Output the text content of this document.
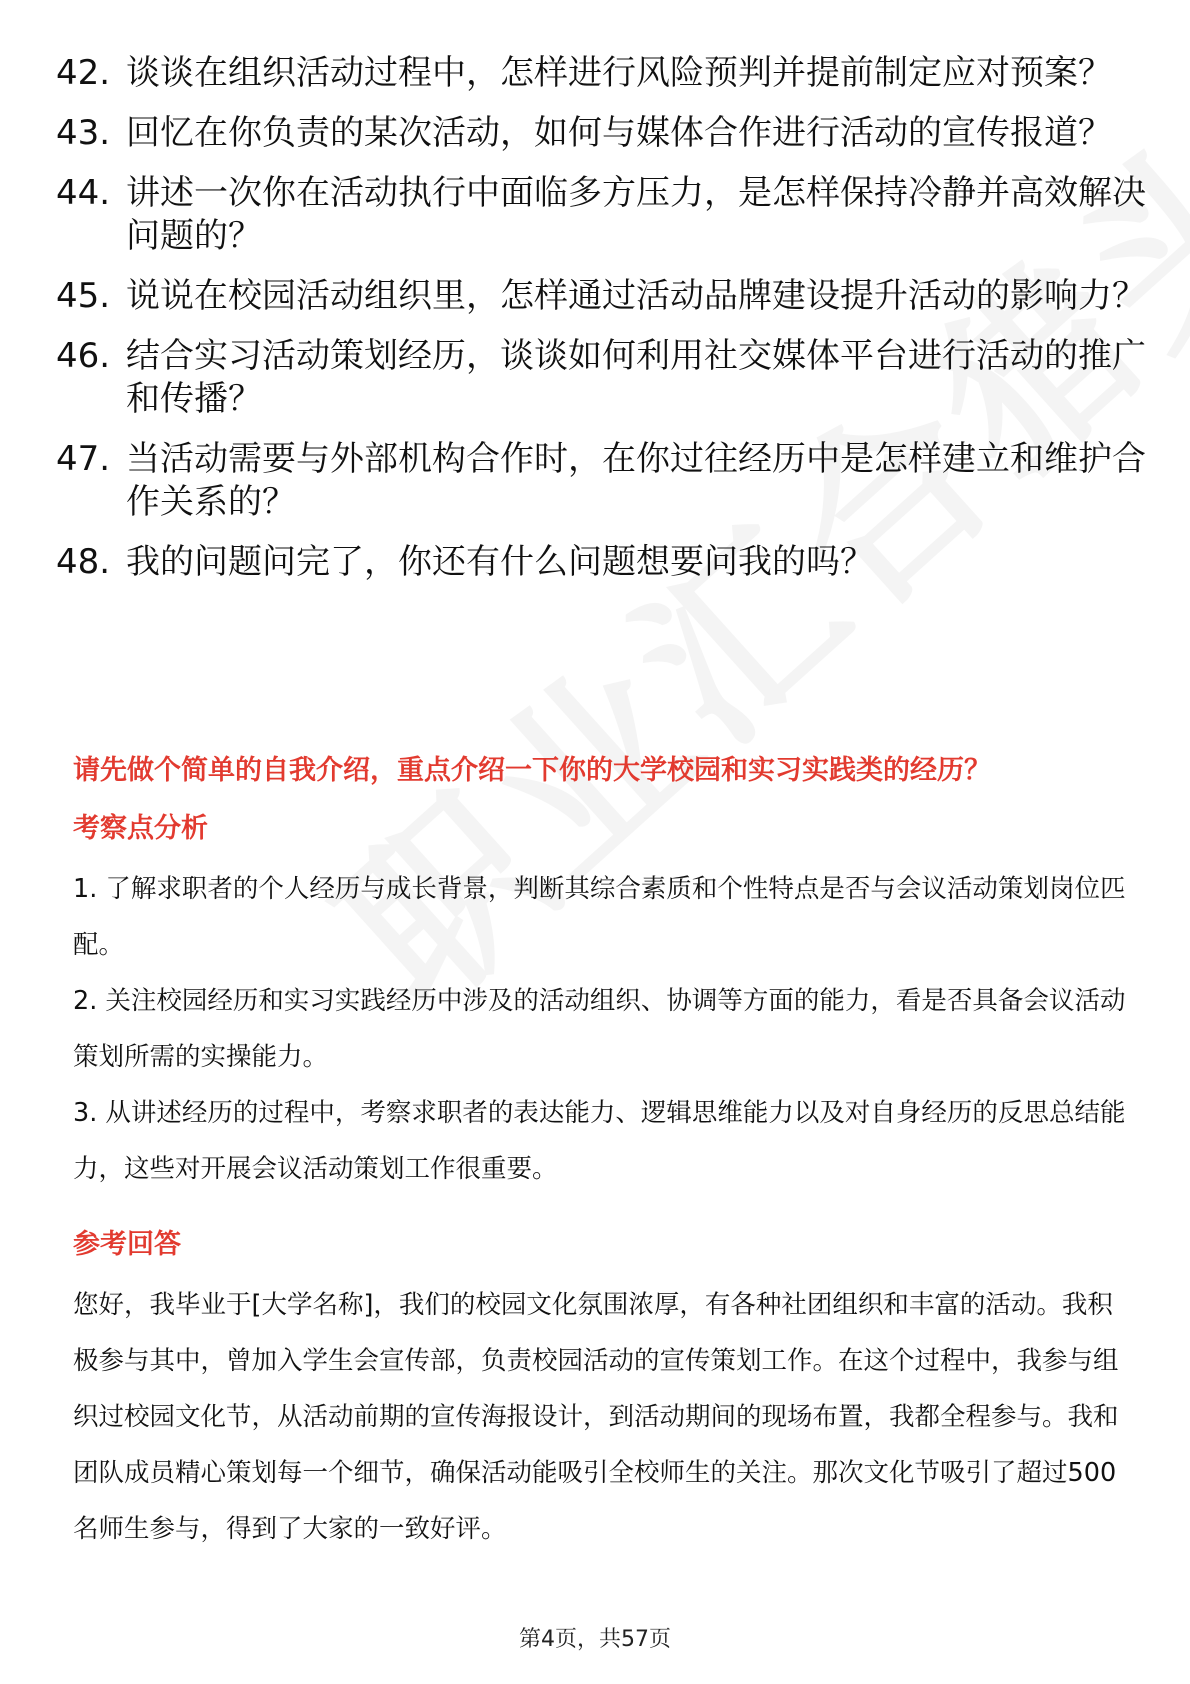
42. 谈谈在组织活动过程中，怎样进行风险预判并提前制定应对预案？
43. 回忆在你负责的某次活动，如何与媒体合作进行活动的宣传报道？
44. 讲述一次你在活动执行中面临多方压力，是怎样保持冷静并高效解决问题的？
45. 说说在校园活动组织里，怎样通过活动品牌建设提升活动的影响力？
46. 结合实习活动策划经历，谈谈如何利用社交媒体平台进行活动的推广和传播？
47. 当活动需要与外部机构合作时，在你过往经历中是怎样建立和维护合作关系的？
48. 我的问题问完了，你还有什么问题想要问我的吗？

请先做个简单的自我介绍，重点介绍一下你的大学校园和实习实践类的经历？

考察点分析
1. 了解求职者的个人经历与成长背景，判断其综合素质和个性特点是否与会议活动策划岗位匹配。
2. 关注校园经历和实习实践经历中涉及的活动组织、协调等方面的能力，看是否具备会议活动策划所需的实操能力。
3. 从讲述经历的过程中，考察求职者的表达能力、逻辑思维能力以及对自身经历的反思总结能力，这些对开展会议活动策划工作很重要。
参考回答

您好，我毕业于[大学名称]，我们的校园文化氛围浓厚，有各种社团组织和丰富的活动。我积极参与其中，曾加入学生会宣传部，负责校园活动的宣传策划工作。在这个过程中，我参与组织过校园文化节，从活动前期的宣传海报设计，到活动期间的现场布置，我都全程参与。我和团队成员精心策划每一个细节，确保活动能吸引全校师生的关注。那次文化节吸引了超过500名师生参与，得到了大家的一致好评。

第4页，共57页
